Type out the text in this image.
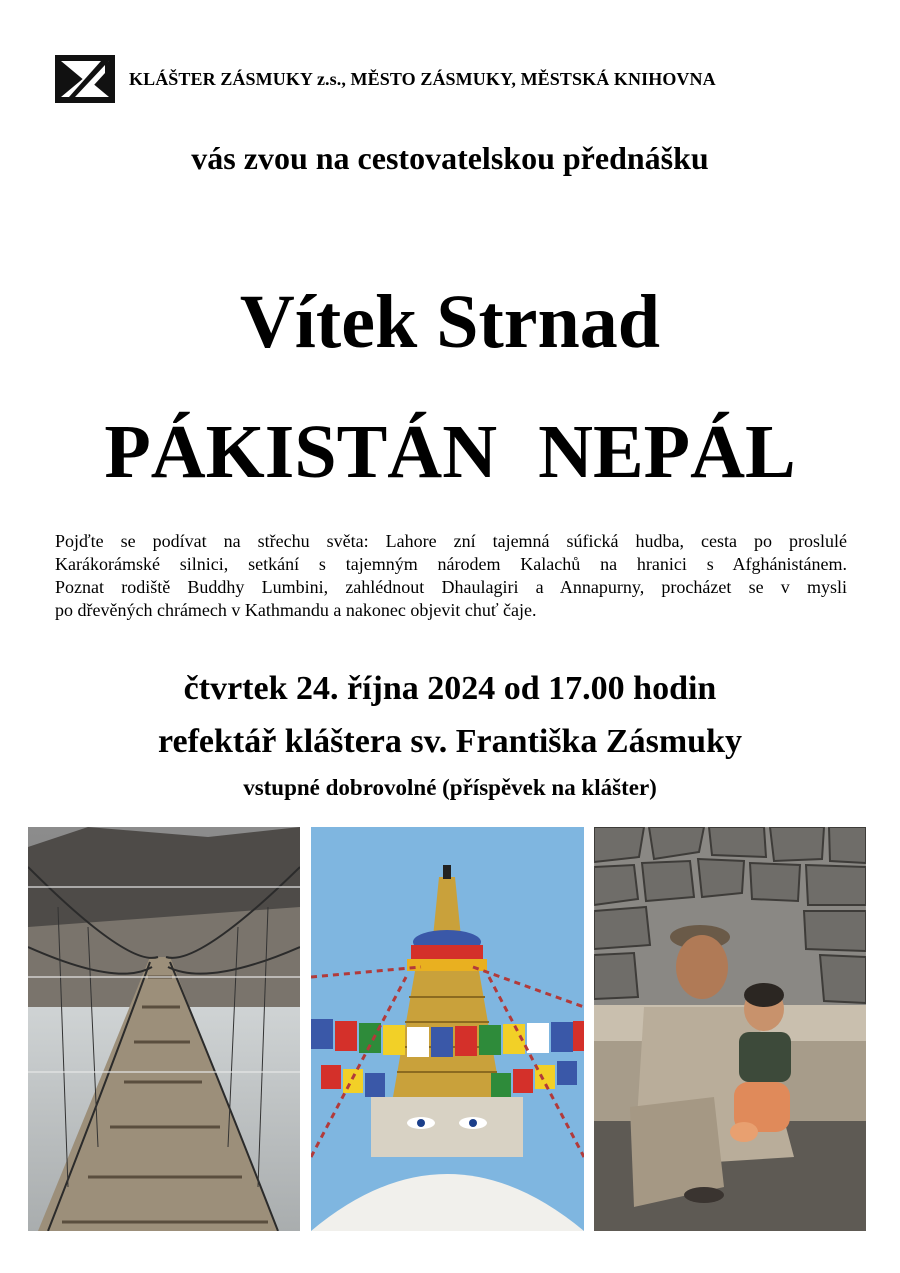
KLÁŠTER ZÁSMUKY z.s., MĚSTO ZÁSMUKY, MĚSTSKÁ KNIHOVNA
vás zvou na cestovatelskou přednášku
Vítek Strnad
PÁKISTÁN NEPÁL
Pojďte se podívat na střechu světa: Lahore zní tajemná súfická hudba, cesta po proslulé
Karákorámské silnici, setkání s tajemným národem Kalachů na hranici s Afghánistánem.
Poznat rodiště Buddhy Lumbini, zahlédnout Dhaulagiri a Annapurny, procházet se v mysli
po dřevěných chrámech v Kathmandu a nakonec objevit chuť čaje.
čtvrtek 24. října 2024 od 17.00 hodin
refektář kláštera sv. Františka Zásmuky
vstupné dobrovolné (příspěvek na klášter)
